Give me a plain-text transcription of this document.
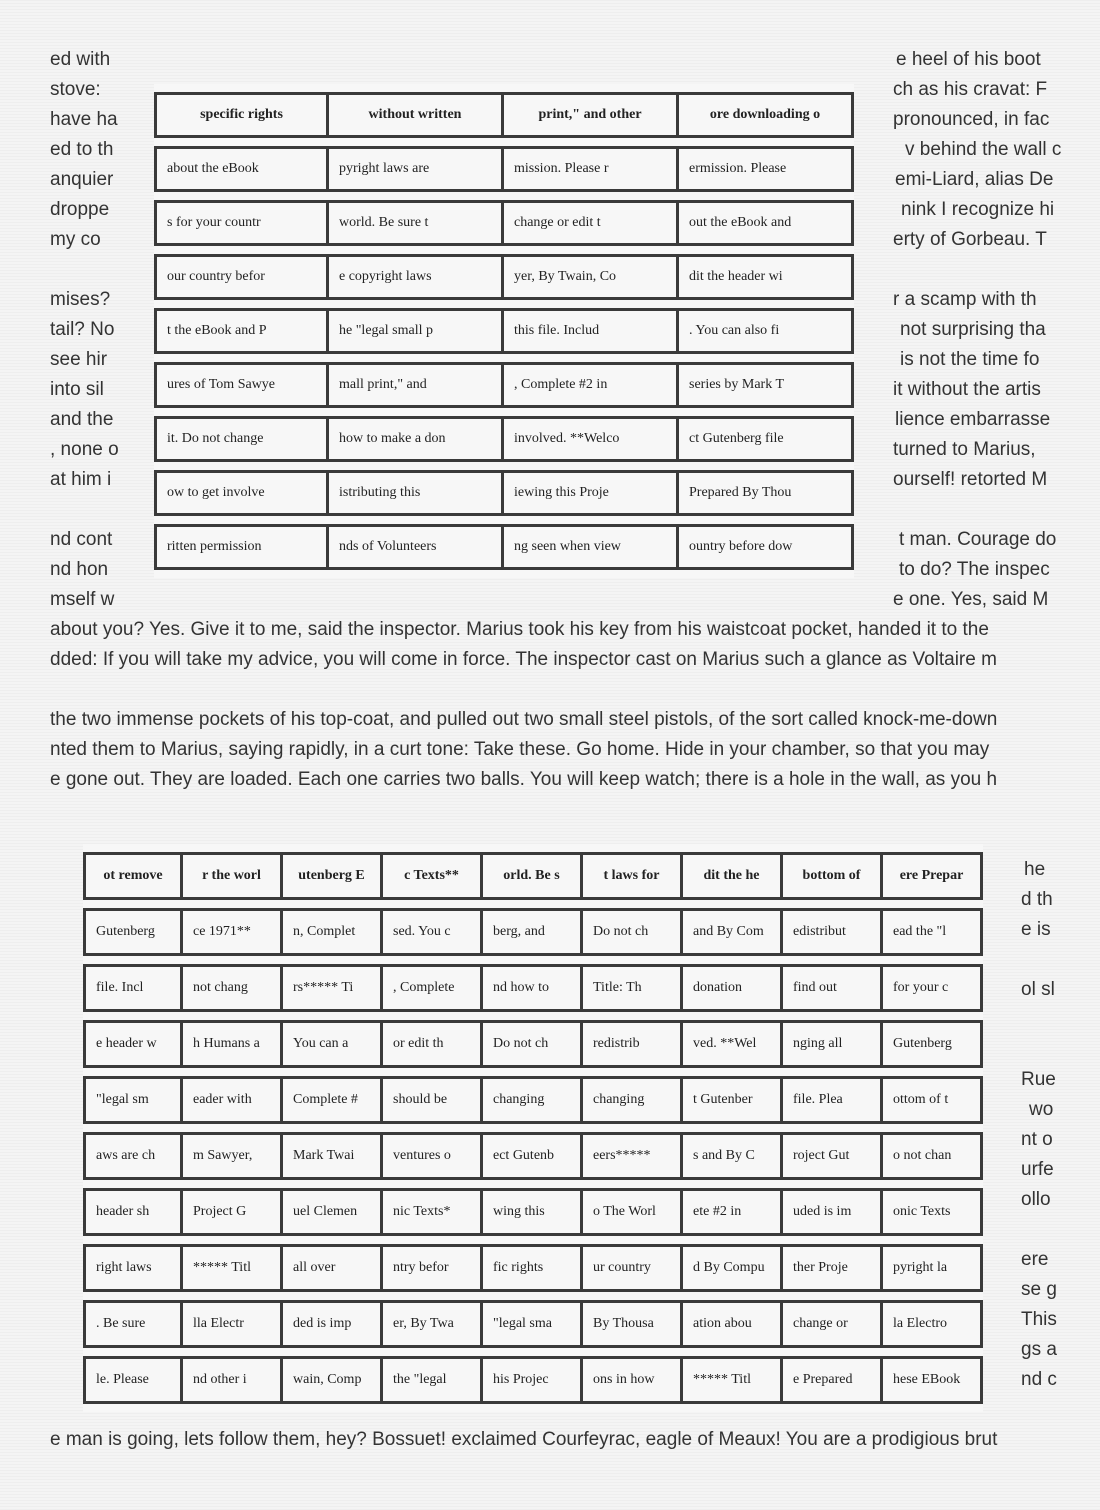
ed with
stove:
have ha
ed to th
anquier
droppe
my co
mises?
tail? No
see hir
into sil
and the
, none o
at him i
nd cont
nd hon
mself w
about you? Yes. Give it to me, said the inspector. Marius took his key from his waistcoat pocket, handed it to the
dded: If you will take my advice, you will come in force. The inspector cast on Marius such a glance as Voltaire m
the two immense pockets of his top-coat, and pulled out two small steel pistols, of the sort called knock-me-down
nted them to Marius, saying rapidly, in a curt tone: Take these. Go home. Hide in your chamber, so that you may
e gone out. They are loaded. Each one carries two balls. You will keep watch; there is a hole in the wall, as you h
e man is going, lets follow them, hey? Bossuet! exclaimed Courfeyrac, eagle of Meaux! You are a prodigious brut
e heel of his boot
ch as his cravat: F
pronounced, in fac
v behind the wall c
emi-Liard, alias De
nink I recognize hi
erty of Gorbeau. T
r a scamp with th
not surprising tha
is not the time fo
it without the artis
lience embarrasse
turned to Marius,
ourself! retorted M
t man. Courage do
to do? The inspec
e one. Yes, said M
he
d th
e is
ol sl
Rue
wo
nt o
urfe
ollo
ere
se g
This
gs a
nd c
specific rights	without written	print," and other	ore downloading o
about the eBook	pyright laws are	mission. Please r	ermission. Please
s for your countr	world. Be sure t	change or edit t	out the eBook and
our country befor	e copyright laws	yer, By Twain, Co	dit the header wi
t the eBook and P	he "legal small p	this file. Includ	. You can also fi
ures of Tom Sawye	mall print," and	, Complete #2 in	series by Mark T
it. Do not change	how to make a don	involved. **Welco	ct Gutenberg file
ow to get involve	istributing this	iewing this Proje	Prepared By Thou
ritten permission	nds of Volunteers	ng seen when view	ountry before dow
ot remove	r the worl	utenberg E	c Texts**	orld. Be s	t laws for	dit the he	bottom of	ere Prepar
Gutenberg	ce 1971**	n, Complet	sed. You c	berg, and	Do not ch	and By Com	edistribut	ead the "l
file. Incl	not chang	rs***** Ti	, Complete	nd how to	Title: Th	donation	find out	for your c
e header w	h Humans a	You can a	or edit th	Do not ch	redistrib	ved. **Wel	nging all	Gutenberg
"legal sm	eader with	Complete #	should be	changing	changing	t Gutenber	file. Plea	ottom of t
aws are ch	m Sawyer,	Mark Twai	ventures o	ect Gutenb	eers*****	s and By C	roject Gut	o not chan
header sh	Project G	uel Clemen	nic Texts*	wing this	o The Worl	ete #2 in	uded is im	onic Texts
right laws	***** Titl	all over	ntry befor	fic rights	ur country	d By Compu	ther Proje	pyright la
. Be sure	lla Electr	ded is imp	er, By Twa	"legal sma	By Thousa	ation abou	change or	la Electro
le. Please	nd other i	wain, Comp	the "legal	his Projec	ons in how	***** Titl	e Prepared	hese EBook
